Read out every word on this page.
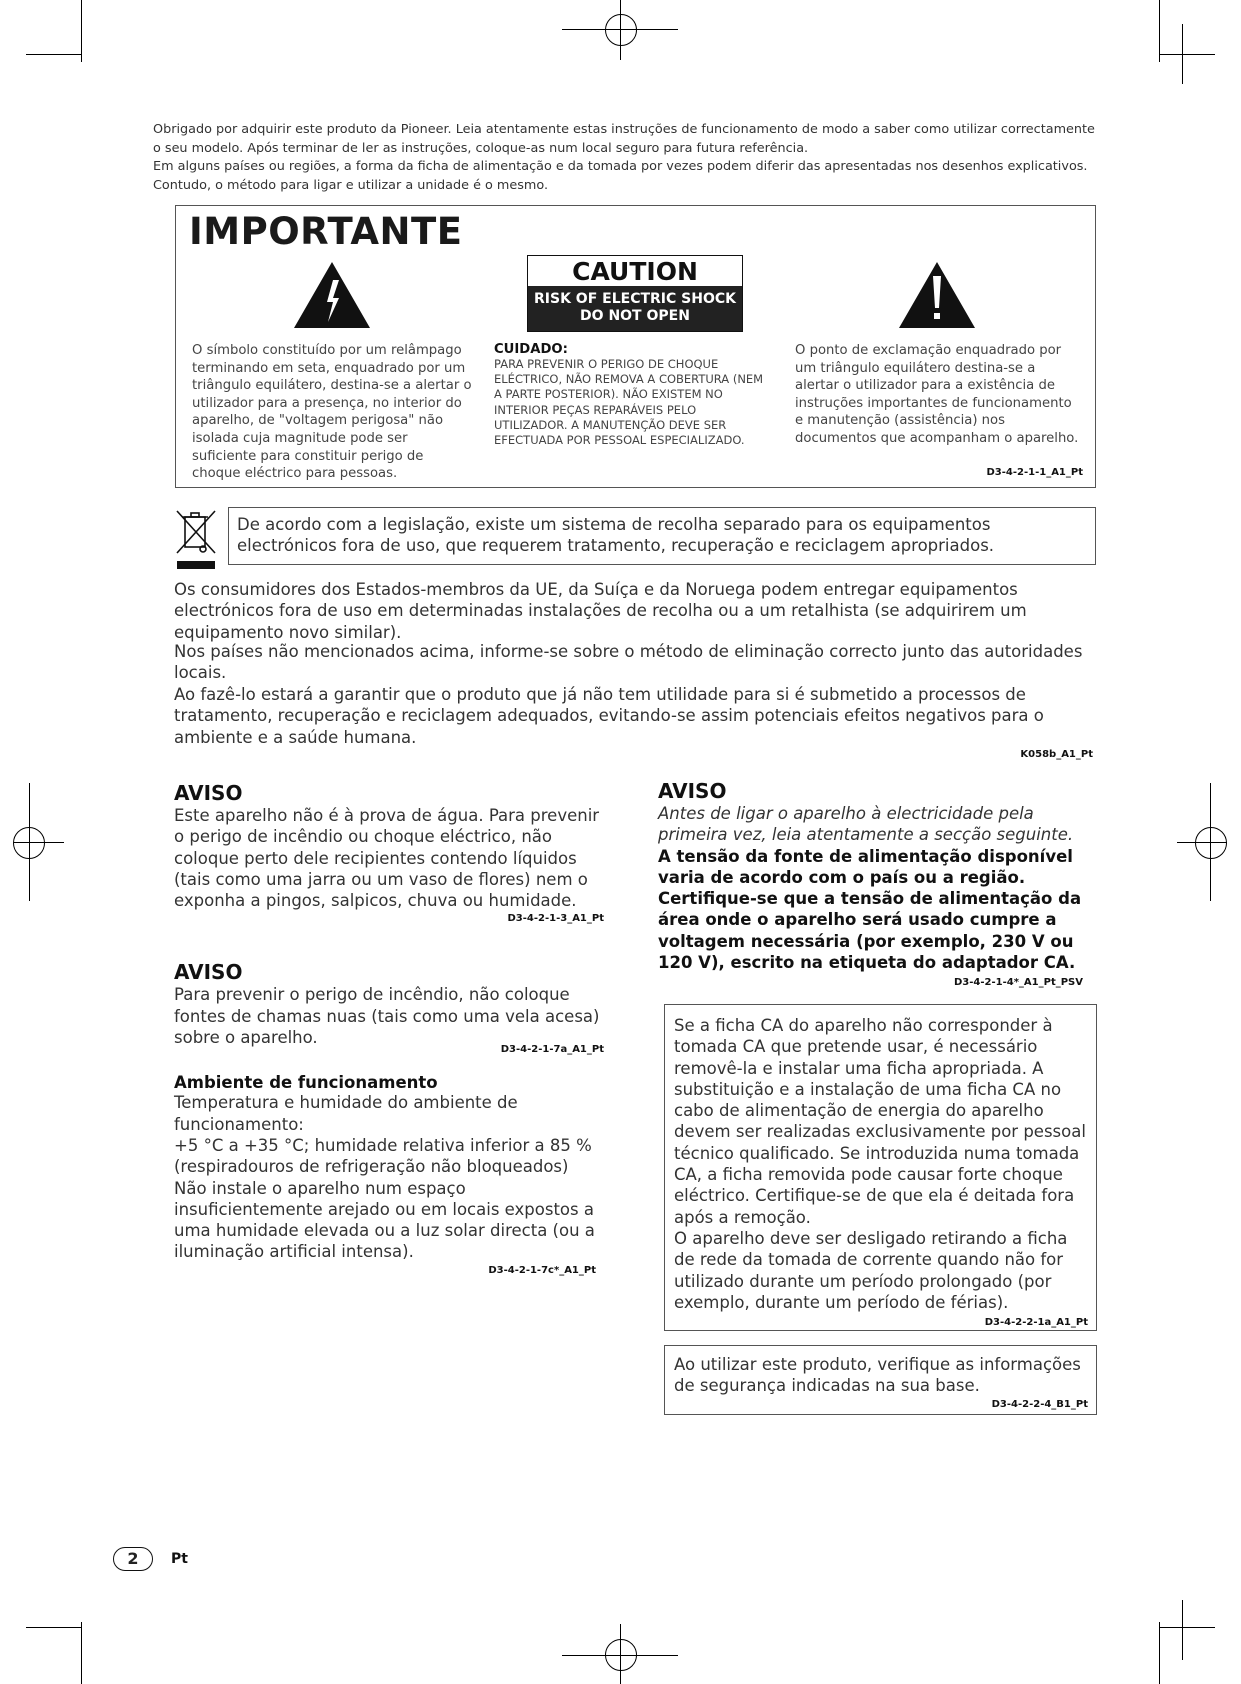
Obrigado por adquirir este produto da Pioneer. Leia atentamente estas instruções de funcionamento de modo a saber como utilizar correctamente o seu modelo. Após terminar de ler as instruções, coloque-as num local seguro para futura referência.

Em alguns países ou regiões, a forma da ficha de alimentação e da tomada por vezes podem diferir das apresentadas nos desenhos explicativos. Contudo, o método para ligar e utilizar a unidade é o mesmo.

IMPORTANTE
CAUTION
RISK OF ELECTRIC SHOCK
DO NOT OPEN
O símbolo constituído por um relâmpago terminando em seta, enquadrado por um triângulo equilátero, destina-se a alertar o utilizador para a presença, no interior do aparelho, de "voltagem perigosa" não isolada cuja magnitude pode ser suficiente para constituir perigo de choque eléctrico para pessoas.
CUIDADO:
PARA PREVENIR O PERIGO DE CHOQUE ELÉCTRICO, NÃO REMOVA A COBERTURA (NEM A PARTE POSTERIOR). NÃO EXISTEM NO INTERIOR PEÇAS REPARÁVEIS PELO UTILIZADOR. A MANUTENÇÃO DEVE SER EFECTUADA POR PESSOAL ESPECIALIZADO.
O ponto de exclamação enquadrado por um triângulo equilátero destina-se a alertar o utilizador para a existência de instruções importantes de funcionamento e manutenção (assistência) nos documentos que acompanham o aparelho.
D3-4-2-1-1_A1_Pt
De acordo com a legislação, existe um sistema de recolha separado para os equipamentos electrónicos fora de uso, que requerem tratamento, recuperação e reciclagem apropriados.

Os consumidores dos Estados-membros da UE, da Suíça e da Noruega podem entregar equipamentos electrónicos fora de uso em determinadas instalações de recolha ou a um retalhista (se adquirirem um equipamento novo similar).

Nos países não mencionados acima, informe-se sobre o método de eliminação correcto junto das autoridades locais.

Ao fazê-lo estará a garantir que o produto que já não tem utilidade para si é submetido a processos de tratamento, recuperação e reciclagem adequados, evitando-se assim potenciais efeitos negativos para o ambiente e a saúde humana.

K058b_A1_Pt

AVISO

Este aparelho não é à prova de água. Para prevenir o perigo de incêndio ou choque eléctrico, não coloque perto dele recipientes contendo líquidos (tais como uma jarra ou um vaso de flores) nem o exponha a pingos, salpicos, chuva ou humidade.

D3-4-2-1-3_A1_Pt

AVISO

Para prevenir o perigo de incêndio, não coloque fontes de chamas nuas (tais como uma vela acesa) sobre o aparelho.

D3-4-2-1-7a_A1_Pt

Ambiente de funcionamento

Temperatura e humidade do ambiente de funcionamento:

+5 °C a +35 °C; humidade relativa inferior a 85 % (respiradouros de refrigeração não bloqueados)

Não instale o aparelho num espaço insuficientemente arejado ou em locais expostos a uma humidade elevada ou a luz solar directa (ou a iluminação artificial intensa).

D3-4-2-1-7c*_A1_Pt

AVISO

Antes de ligar o aparelho à electricidade pela primeira vez, leia atentamente a secção seguinte.
A tensão da fonte de alimentação disponível varia de acordo com o país ou a região. Certifique-se que a tensão de alimentação da área onde o aparelho será usado cumpre a voltagem necessária (por exemplo, 230 V ou 120 V), escrito na etiqueta do adaptador CA.
D3-4-2-1-4*_A1_Pt_PSV

Se a ficha CA do aparelho não corresponder à tomada CA que pretende usar, é necessário removê-la e instalar uma ficha apropriada. A substituição e a instalação de uma ficha CA no cabo de alimentação de energia do aparelho devem ser realizadas exclusivamente por pessoal técnico qualificado. Se introduzida numa tomada CA, a ficha removida pode causar forte choque eléctrico. Certifique-se de que ela é deitada fora após a remoção.

O aparelho deve ser desligado retirando a ficha de rede da tomada de corrente quando não for utilizado durante um período prolongado (por exemplo, durante um período de férias).

D3-4-2-2-1a_A1_Pt

Ao utilizar este produto, verifique as informações de segurança indicadas na sua base.

D3-4-2-2-4_B1_Pt
2	Pt
